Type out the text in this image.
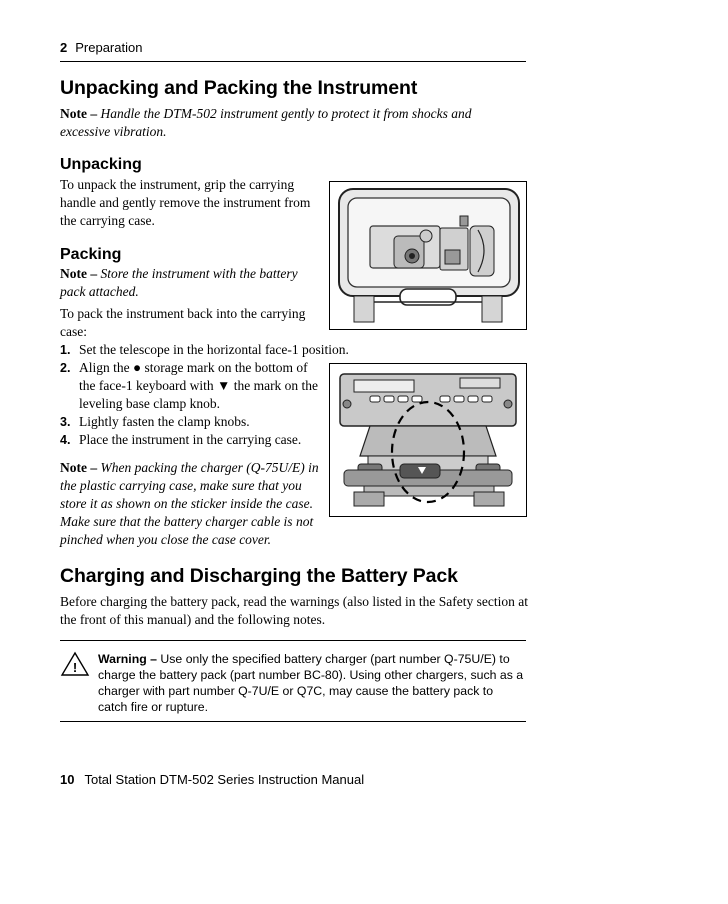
2 Preparation
Unpacking and Packing the Instrument
Note – Handle the DTM-502 instrument gently to protect it from shocks and excessive vibration.
Unpacking
To unpack the instrument, grip the carrying handle and gently remove the instrument from the carrying case.
Packing
Note – Store the instrument with the battery pack attached.
To pack the instrument back into the carrying case:
1. Set the telescope in the horizontal face-1 position.
2. Align the ● storage mark on the bottom of the face-1 keyboard with ▼ the mark on the leveling base clamp knob.
3. Lightly fasten the clamp knobs.
4. Place the instrument in the carrying case.
Note – When packing the charger (Q-75U/E) in the plastic carrying case, make sure that you store it as shown on the sticker inside the case. Make sure that the battery charger cable is not pinched when you close the case cover.
Charging and Discharging the Battery Pack
Before charging the battery pack, read the warnings (also listed in the Safety section at the front of this manual) and the following notes.
!
Warning – Use only the specified battery charger (part number Q-75U/E) to charge the battery pack (part number BC-80). Using other chargers, such as a charger with part number Q-7U/E or Q7C, may cause the battery pack to catch fire or rupture.
10 Total Station DTM-502 Series Instruction Manual
